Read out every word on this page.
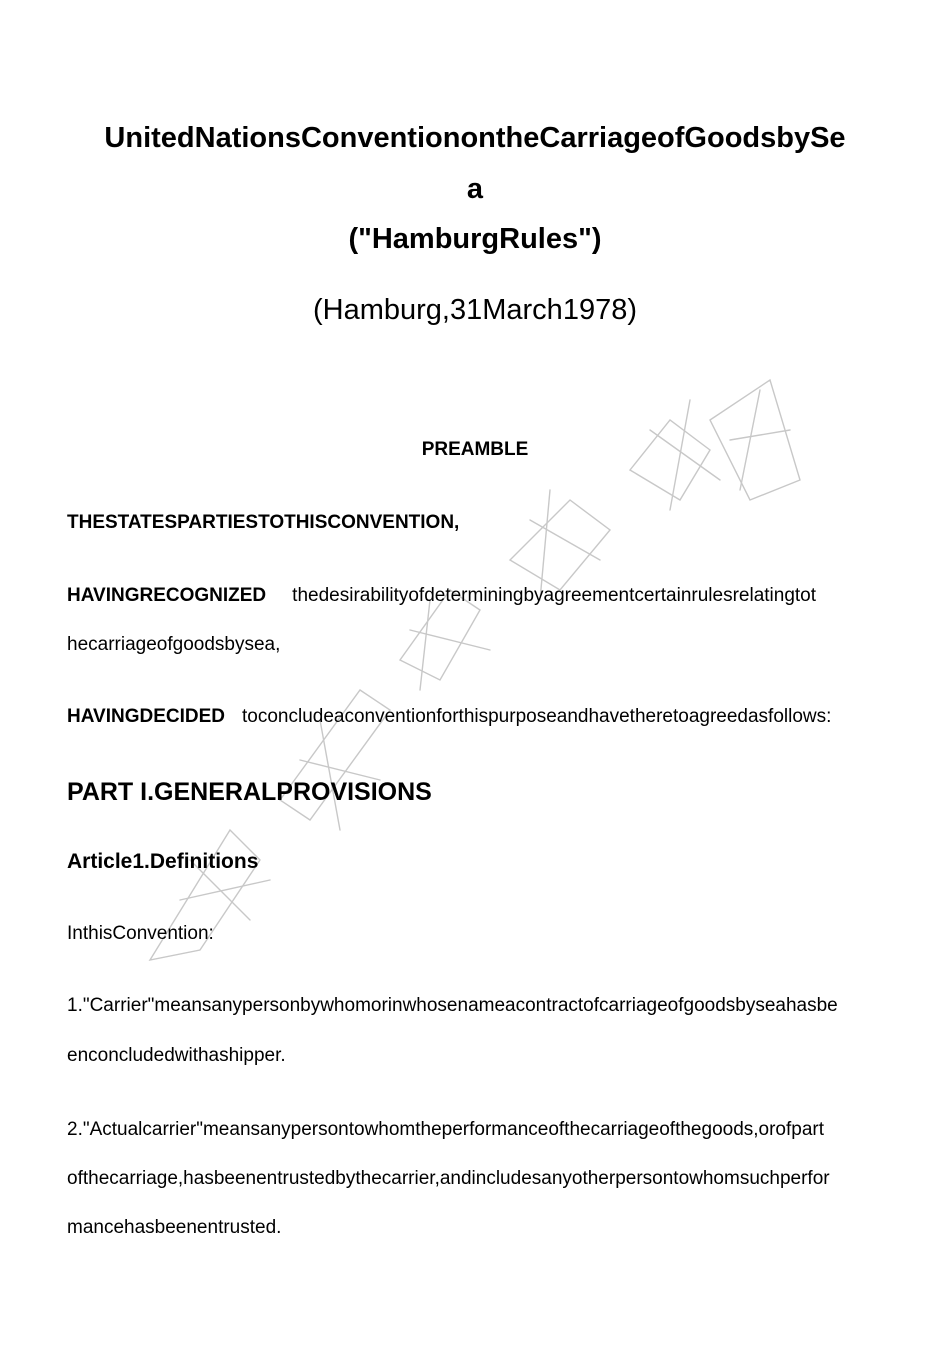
UnitedNationsConventionontheCarriageofGoodsbySe
a
("HamburgRules")
(Hamburg,31March1978)
PREAMBLE
THESTATESPARTIESTOTHISCONVENTION,
HAVINGRECOGNIZED thedesirabilityofdeterminingbyagreementcertainrulesrelatingtot
hecarriageofgoodsbysea,
HAVINGDECIDED toconcludeaconventionforthispurposeandhavetheretoagreedasfollows:
PART I.GENERALPROVISIONS
Article1.Definitions
InthisConvention:
1."Carrier"meansanypersonbywhomorinwhosenameacontractofcarriageofgoodsbyseahasbe
enconcludedwithashipper.
2."Actualcarrier"meansanypersontowhomtheperformanceofthecarriageofthegoods,orofpart
ofthecarriage,hasbeenentrustedbythecarrier,andincludesanyotherpersontowhomsuchperfor
mancehasbeenentrusted.
